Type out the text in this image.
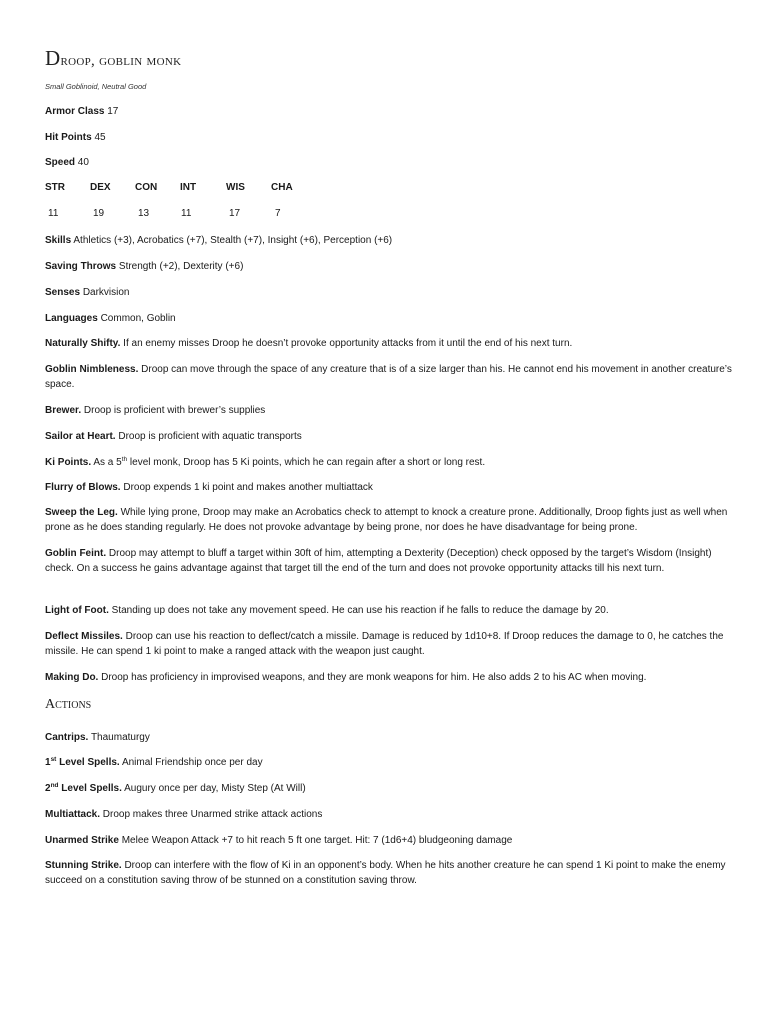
Droop, goblin monk
Small Goblinoid, Neutral Good
Armor Class 17
Hit Points 45
Speed 40
STR	DEX	CON	INT	WIS	CHA
11	19	13	11	17	7
Skills Athletics (+3), Acrobatics (+7), Stealth (+7), Insight (+6), Perception (+6)
Saving Throws Strength (+2), Dexterity (+6)
Senses Darkvision
Languages Common, Goblin
Naturally Shifty. If an enemy misses Droop he doesn’t provoke opportunity attacks from it until the end of his next turn.
Goblin Nimbleness. Droop can move through the space of any creature that is of a size larger than his. He cannot end his movement in another creature’s space.
Brewer. Droop is proficient with brewer’s supplies
Sailor at Heart. Droop is proficient with aquatic transports
Ki Points. As a 5th level monk, Droop has 5 Ki points, which he can regain after a short or long rest.
Flurry of Blows. Droop expends 1 ki point and makes another multiattack
Sweep the Leg. While lying prone, Droop may make an Acrobatics check to attempt to knock a creature prone. Additionally, Droop fights just as well when prone as he does standing regularly. He does not provoke advantage by being prone, nor does he have disadvantage for being prone.
Goblin Feint. Droop may attempt to bluff a target within 30ft of him, attempting a Dexterity (Deception) check opposed by the target’s Wisdom (Insight) check. On a success he gains advantage against that target till the end of the turn and does not provoke opportunity attacks till his next turn.
Light of Foot. Standing up does not take any movement speed. He can use his reaction if he falls to reduce the damage by 20.
Deflect Missiles. Droop can use his reaction to deflect/catch a missile. Damage is reduced by 1d10+8. If Droop reduces the damage to 0, he catches the missile. He can spend 1 ki point to make a ranged attack with the weapon just caught.
Making Do. Droop has proficiency in improvised weapons, and they are monk weapons for him. He also adds 2 to his AC when moving.
Actions
Cantrips. Thaumaturgy
1st Level Spells. Animal Friendship once per day
2nd Level Spells. Augury once per day, Misty Step (At Will)
Multiattack. Droop makes three Unarmed strike attack actions
Unarmed Strike Melee Weapon Attack +7 to hit reach 5 ft one target. Hit: 7 (1d6+4) bludgeoning damage
Stunning Strike. Droop can interfere with the flow of Ki in an opponent’s body. When he hits another creature he can spend 1 Ki point to make the enemy succeed on a constitution saving throw of be stunned on a constitution saving throw.
